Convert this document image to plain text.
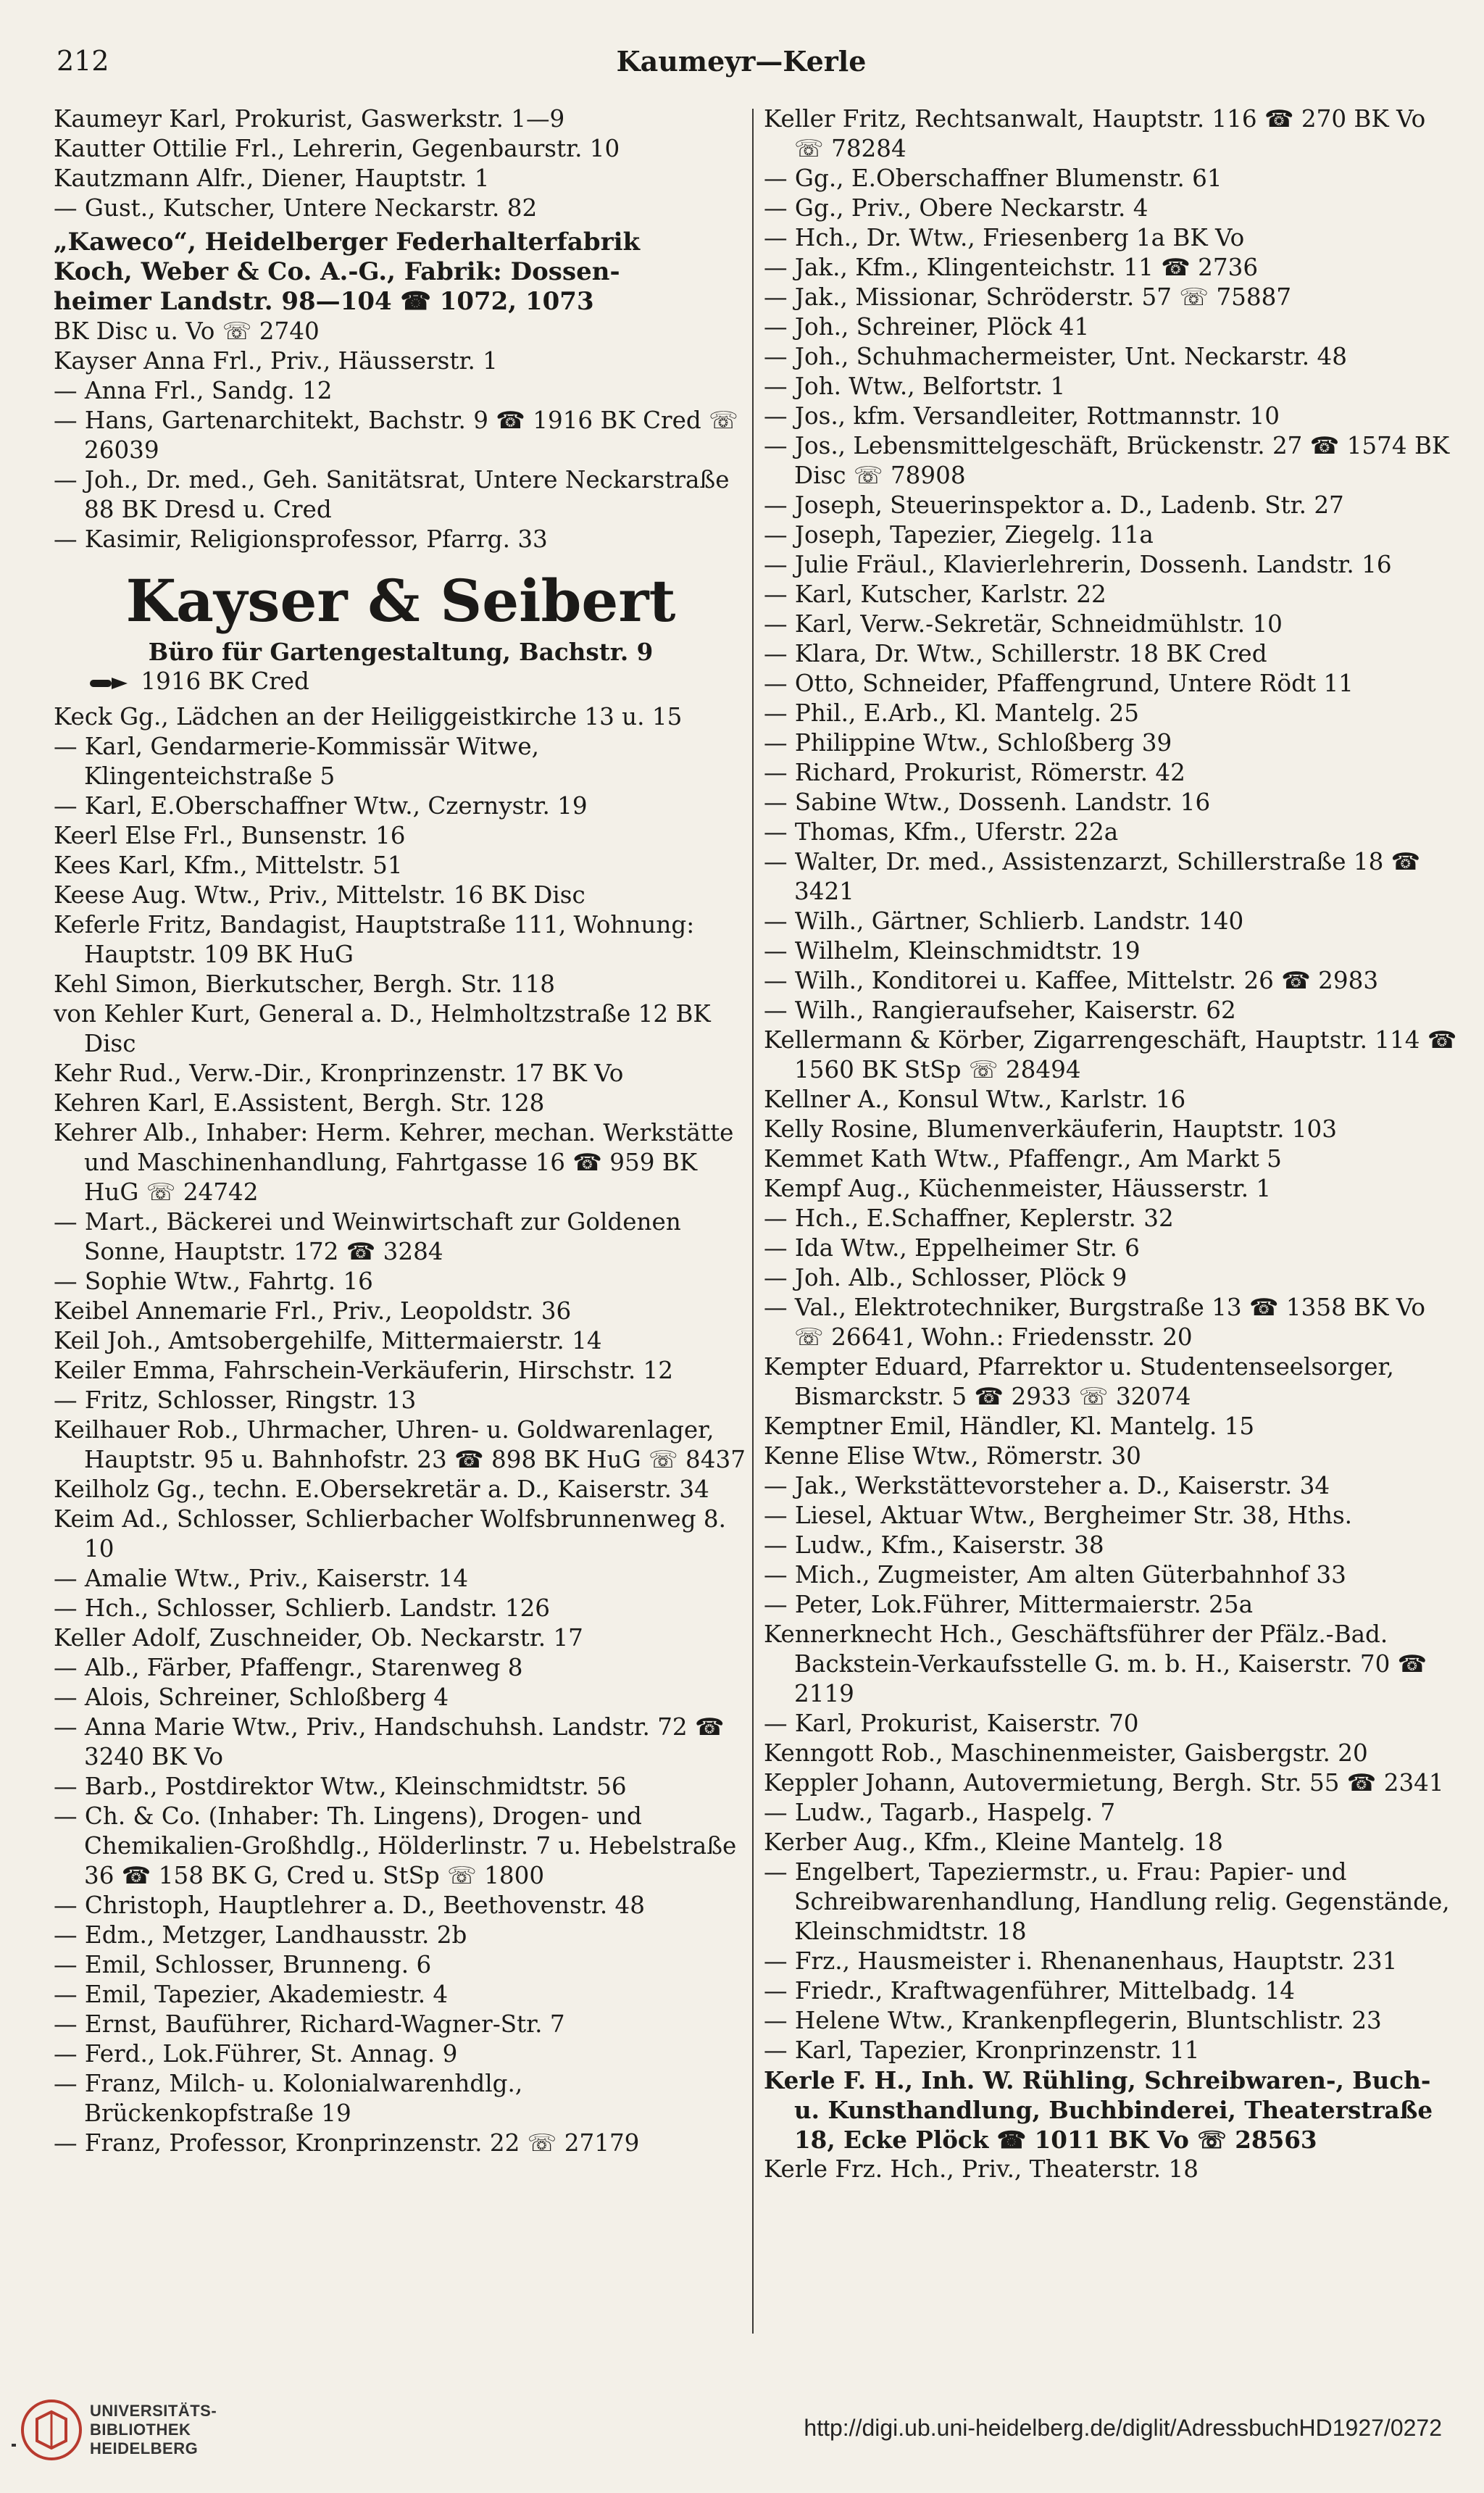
212	Kaumeyr—Kerle

Kaumeyr Karl, Prokurist, Gaswerkstr. 1—9

Kautter Ottilie Frl., Lehrerin, Gegenbaurstr. 10

Kautzmann Alfr., Diener, Hauptstr. 1

— Gust., Kutscher, Untere Neckarstr. 82

„Kaweco“, Heidelberger Federhalterfabrik

Koch, Weber & Co. A.-G., Fabrik: Dossen-

heimer Landstr. 98—104 ☎ 1072, 1073

BK Disc u. Vo ☏ 2740

Kayser Anna Frl., Priv., Häusserstr. 1

— Anna Frl., Sandg. 12

— Hans, Gartenarchitekt, Bachstr. 9 ☎ 1916 BK Cred ☏ 26039

— Joh., Dr. med., Geh. Sanitätsrat, Untere Neckarstraße 88 BK Dresd u. Cred

— Kasimir, Religionsprofessor, Pfarrg. 33

Kayser & Seibert

Büro für Gartengestaltung, Bachstr. 9

1916 BK Cred

Keck Gg., Lädchen an der Heiliggeistkirche 13 u. 15

— Karl, Gendarmerie-Kommissär Witwe, Klingenteichstraße 5

— Karl, E.Oberschaffner Wtw., Czernystr. 19

Keerl Else Frl., Bunsenstr. 16

Kees Karl, Kfm., Mittelstr. 51

Keese Aug. Wtw., Priv., Mittelstr. 16 BK Disc

Keferle Fritz, Bandagist, Hauptstraße 111, Wohnung: Hauptstr. 109 BK HuG

Kehl Simon, Bierkutscher, Bergh. Str. 118

von Kehler Kurt, General a. D., Helmholtzstraße 12 BK Disc

Kehr Rud., Verw.-Dir., Kronprinzenstr. 17 BK Vo

Kehren Karl, E.Assistent, Bergh. Str. 128

Kehrer Alb., Inhaber: Herm. Kehrer, mechan. Werkstätte und Maschinenhandlung, Fahrtgasse 16 ☎ 959 BK HuG ☏ 24742

— Mart., Bäckerei und Weinwirtschaft zur Goldenen Sonne, Hauptstr. 172 ☎ 3284

— Sophie Wtw., Fahrtg. 16

Keibel Annemarie Frl., Priv., Leopoldstr. 36

Keil Joh., Amtsobergehilfe, Mittermaierstr. 14

Keiler Emma, Fahrschein-Verkäuferin, Hirschstr. 12

— Fritz, Schlosser, Ringstr. 13

Keilhauer Rob., Uhrmacher, Uhren- u. Goldwarenlager, Hauptstr. 95 u. Bahnhofstr. 23 ☎ 898 BK HuG ☏ 8437

Keilholz Gg., techn. E.Obersekretär a. D., Kaiserstr. 34

Keim Ad., Schlosser, Schlierbacher Wolfsbrunnenweg 8. 10

— Amalie Wtw., Priv., Kaiserstr. 14

— Hch., Schlosser, Schlierb. Landstr. 126

Keller Adolf, Zuschneider, Ob. Neckarstr. 17

— Alb., Färber, Pfaffengr., Starenweg 8

— Alois, Schreiner, Schloßberg 4

— Anna Marie Wtw., Priv., Handschuhsh. Landstr. 72 ☎ 3240 BK Vo

— Barb., Postdirektor Wtw., Kleinschmidtstr. 56

— Ch. & Co. (Inhaber: Th. Lingens), Drogen- und Chemikalien-Großhdlg., Hölderlinstr. 7 u. Hebelstraße 36 ☎ 158 BK G, Cred u. StSp ☏ 1800

— Christoph, Hauptlehrer a. D., Beethovenstr. 48

— Edm., Metzger, Landhausstr. 2b

— Emil, Schlosser, Brunneng. 6

— Emil, Tapezier, Akademiestr. 4

— Ernst, Bauführer, Richard-Wagner-Str. 7

— Ferd., Lok.Führer, St. Annag. 9

— Franz, Milch- u. Kolonialwarenhdlg., Brückenkopfstraße 19

— Franz, Professor, Kronprinzenstr. 22 ☏ 27179

Keller Fritz, Rechtsanwalt, Hauptstr. 116 ☎ 270 BK Vo ☏ 78284

— Gg., E.Oberschaffner Blumenstr. 61

— Gg., Priv., Obere Neckarstr. 4

— Hch., Dr. Wtw., Friesenberg 1a BK Vo

— Jak., Kfm., Klingenteichstr. 11 ☎ 2736

— Jak., Missionar, Schröderstr. 57 ☏ 75887

— Joh., Schreiner, Plöck 41

— Joh., Schuhmachermeister, Unt. Neckarstr. 48

— Joh. Wtw., Belfortstr. 1

— Jos., kfm. Versandleiter, Rottmannstr. 10

— Jos., Lebensmittelgeschäft, Brückenstr. 27 ☎ 1574 BK Disc ☏ 78908

— Joseph, Steuerinspektor a. D., Ladenb. Str. 27

— Joseph, Tapezier, Ziegelg. 11a

— Julie Fräul., Klavierlehrerin, Dossenh. Landstr. 16

— Karl, Kutscher, Karlstr. 22

— Karl, Verw.-Sekretär, Schneidmühlstr. 10

— Klara, Dr. Wtw., Schillerstr. 18 BK Cred

— Otto, Schneider, Pfaffengrund, Untere Rödt 11

— Phil., E.Arb., Kl. Mantelg. 25

— Philippine Wtw., Schloßberg 39

— Richard, Prokurist, Römerstr. 42

— Sabine Wtw., Dossenh. Landstr. 16

— Thomas, Kfm., Uferstr. 22a

— Walter, Dr. med., Assistenzarzt, Schillerstraße 18 ☎ 3421

— Wilh., Gärtner, Schlierb. Landstr. 140

— Wilhelm, Kleinschmidtstr. 19

— Wilh., Konditorei u. Kaffee, Mittelstr. 26 ☎ 2983

— Wilh., Rangieraufseher, Kaiserstr. 62

Kellermann & Körber, Zigarrengeschäft, Hauptstr. 114 ☎ 1560 BK StSp ☏ 28494

Kellner A., Konsul Wtw., Karlstr. 16

Kelly Rosine, Blumenverkäuferin, Hauptstr. 103

Kemmet Kath Wtw., Pfaffengr., Am Markt 5

Kempf Aug., Küchenmeister, Häusserstr. 1

— Hch., E.Schaffner, Keplerstr. 32

— Ida Wtw., Eppelheimer Str. 6

— Joh. Alb., Schlosser, Plöck 9

— Val., Elektrotechniker, Burgstraße 13 ☎ 1358 BK Vo ☏ 26641, Wohn.: Friedensstr. 20

Kempter Eduard, Pfarrektor u. Studentenseelsorger, Bismarckstr. 5 ☎ 2933 ☏ 32074

Kemptner Emil, Händler, Kl. Mantelg. 15

Kenne Elise Wtw., Römerstr. 30

— Jak., Werkstättevorsteher a. D., Kaiserstr. 34

— Liesel, Aktuar Wtw., Bergheimer Str. 38, Hths.

— Ludw., Kfm., Kaiserstr. 38

— Mich., Zugmeister, Am alten Güterbahnhof 33

— Peter, Lok.Führer, Mittermaierstr. 25a

Kennerknecht Hch., Geschäftsführer der Pfälz.-Bad. Backstein-Verkaufsstelle G. m. b. H., Kaiserstr. 70 ☎ 2119

— Karl, Prokurist, Kaiserstr. 70

Kenngott Rob., Maschinenmeister, Gaisbergstr. 20

Keppler Johann, Autovermietung, Bergh. Str. 55 ☎ 2341

— Ludw., Tagarb., Haspelg. 7

Kerber Aug., Kfm., Kleine Mantelg. 18

— Engelbert, Tapeziermstr., u. Frau: Papier- und Schreibwarenhandlung, Handlung relig. Gegenstände, Kleinschmidtstr. 18

— Frz., Hausmeister i. Rhenanenhaus, Hauptstr. 231

— Friedr., Kraftwagenführer, Mittelbadg. 14

— Helene Wtw., Krankenpflegerin, Bluntschlistr. 23

— Karl, Tapezier, Kronprinzenstr. 11

Kerle F. H., Inh. W. Rühling, Schreibwaren-, Buch- u. Kunsthandlung, Buchbinderei, Theaterstraße 18, Ecke Plöck ☎ 1011 BK Vo ☏ 28563

Kerle Frz. Hch., Priv., Theaterstr. 18

UNIVERSITÄTS-
BIBLIOTHEK
HEIDELBERG
http://digi.ub.uni-heidelberg.de/diglit/AdressbuchHD1927/0272
